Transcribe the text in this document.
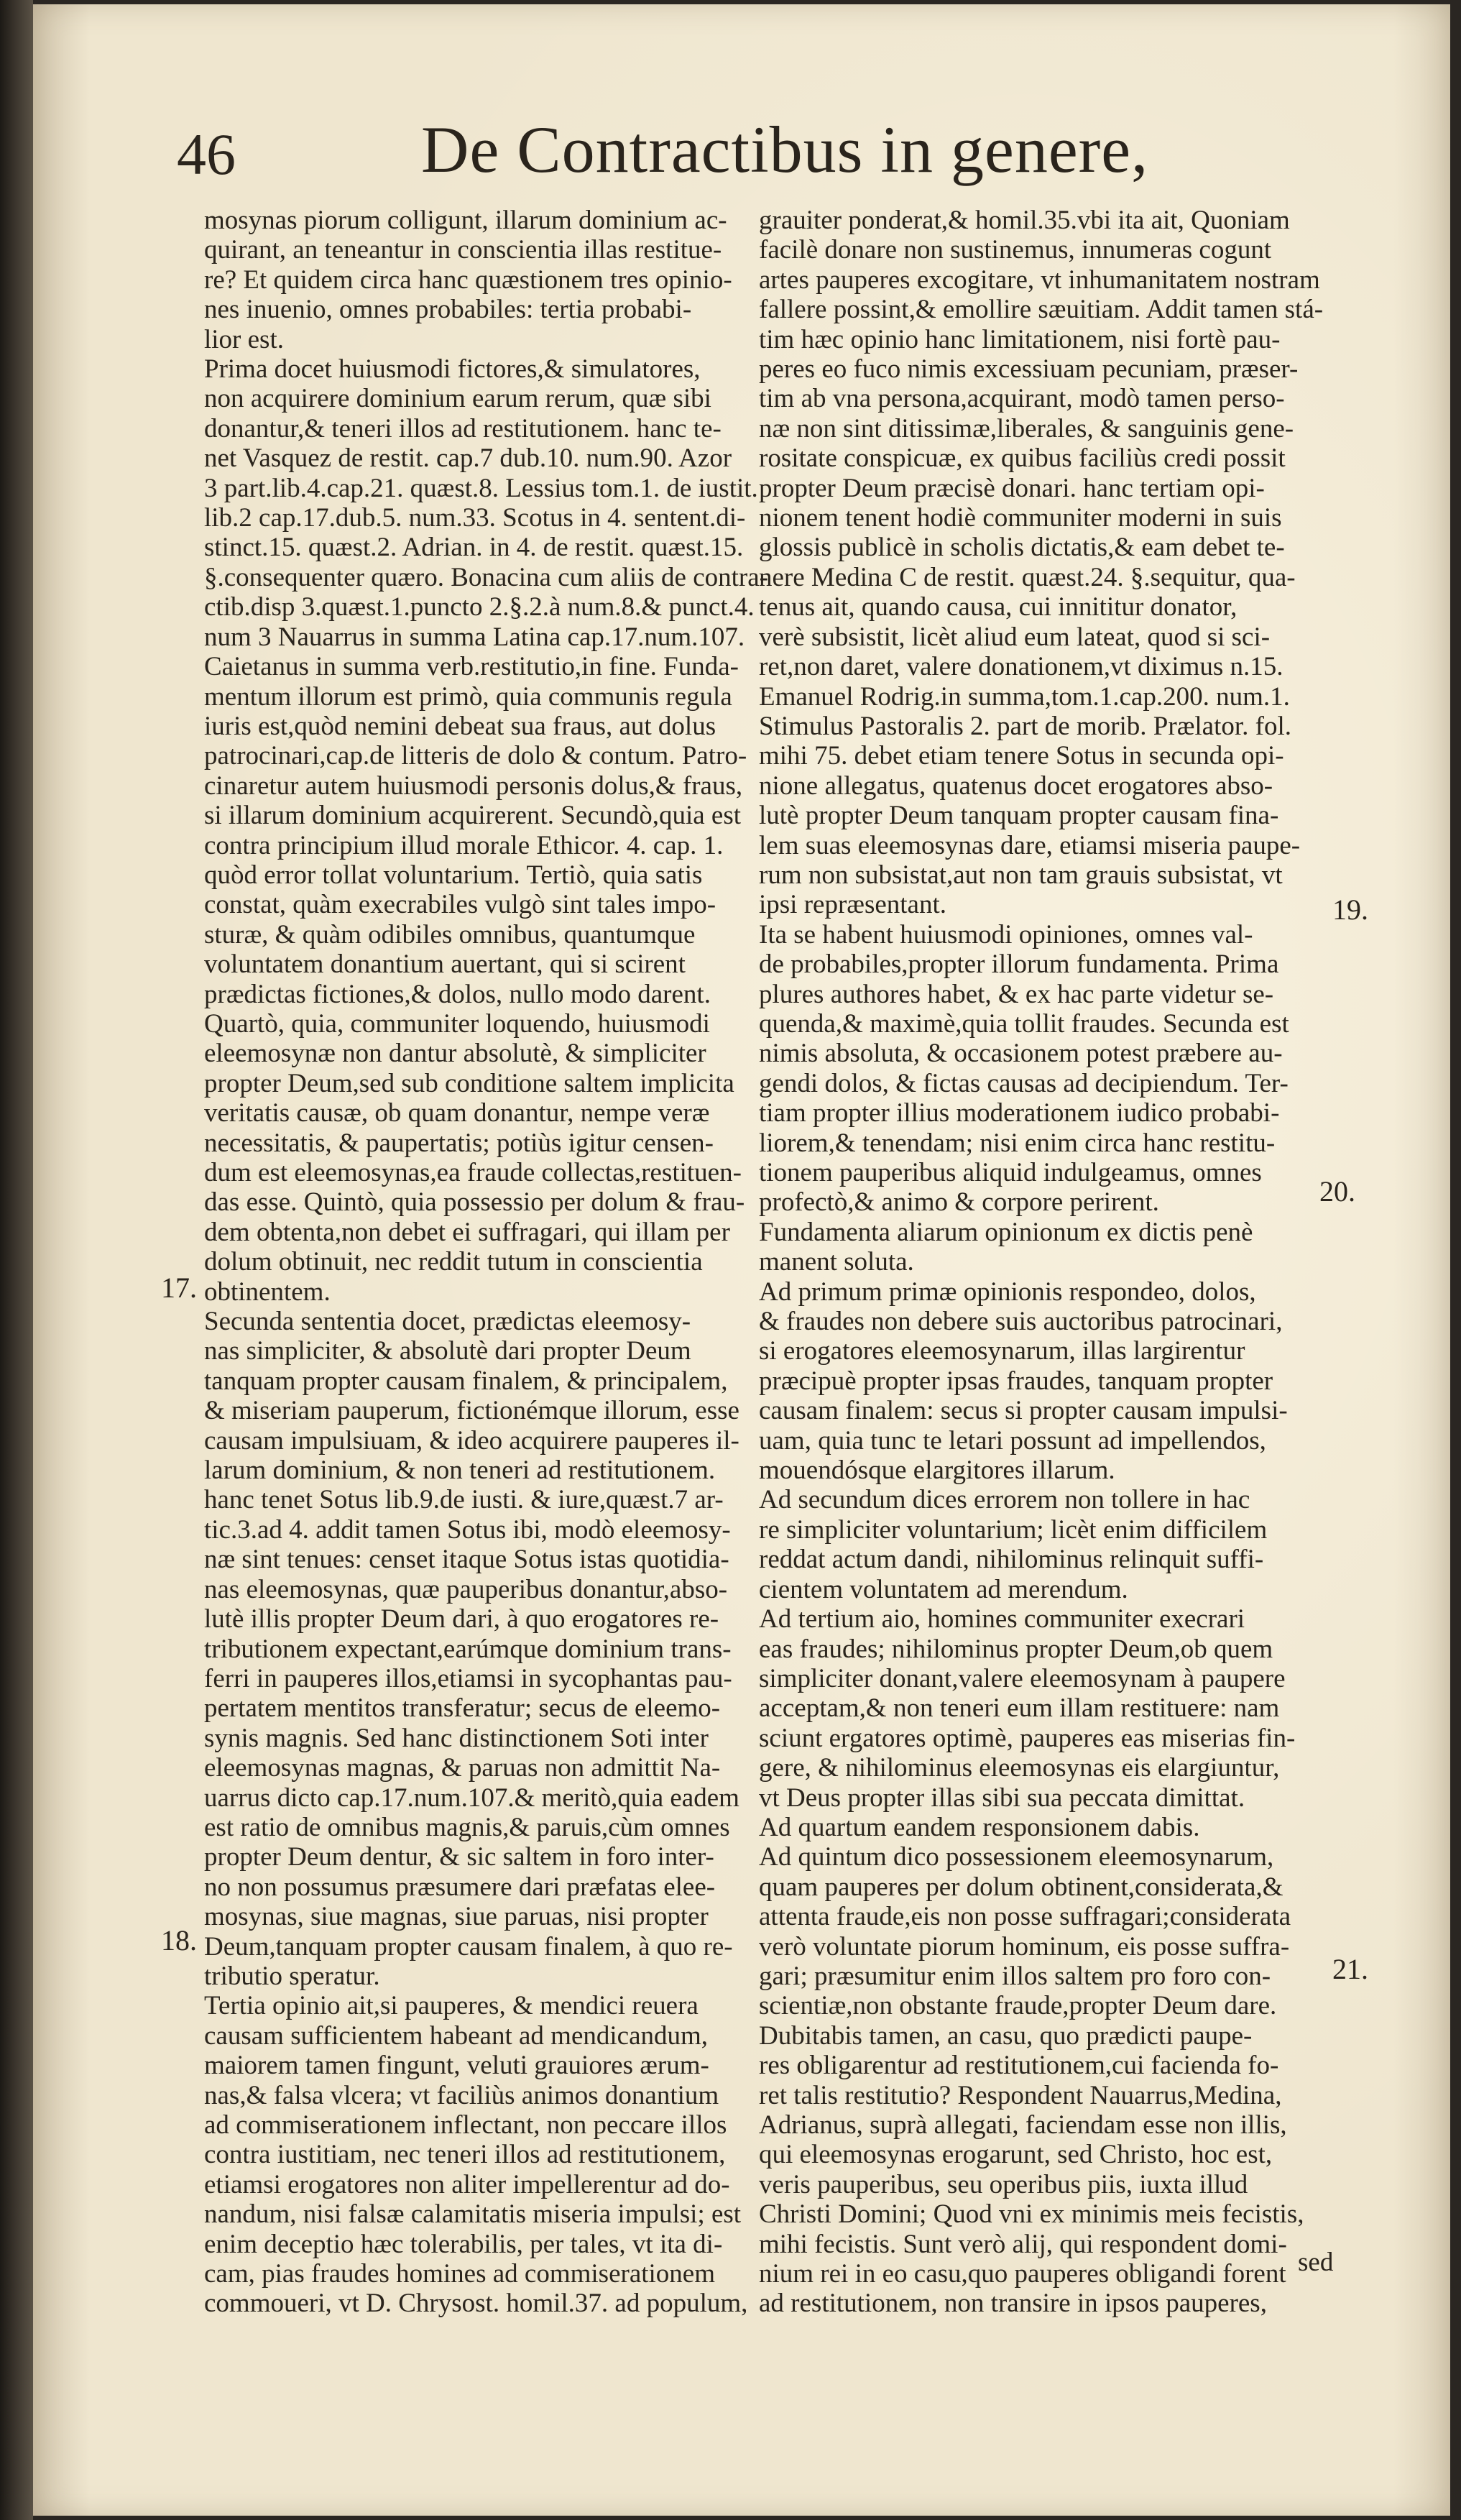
46	De Contractibus in genere,
mosynas piorum colligunt, illarum dominium ac-
quirant, an teneantur in conscientia illas restitue-
re? Et quidem circa hanc quæstionem tres opinio-
nes inuenio, omnes probabiles: tertia probabi-
lior est.
Prima docet huiusmodi fictores,& simulatores,
non acquirere dominium earum rerum, quæ sibi
donantur,& teneri illos ad restitutionem. hanc te-
net Vasquez de restit. cap.7 dub.10. num.90. Azor
3 part.lib.4.cap.21. quæst.8. Lessius tom.1. de iustit.
lib.2 cap.17.dub.5. num.33. Scotus in 4. sentent.di-
stinct.15. quæst.2. Adrian. in 4. de restit. quæst.15.
§.consequenter quæro. Bonacina cum aliis de contra-
ctib.disp 3.quæst.1.puncto 2.§.2.à num.8.& punct.4.
num 3 Nauarrus in summa Latina cap.17.num.107.
Caietanus in summa verb.restitutio,in fine. Funda-
mentum illorum est primò, quia communis regula
iuris est,quòd nemini debeat sua fraus, aut dolus
patrocinari,cap.de litteris de dolo & contum. Patro-
cinaretur autem huiusmodi personis dolus,& fraus,
si illarum dominium acquirerent. Secundò,quia est
contra principium illud morale Ethicor. 4. cap. 1.
quòd error tollat voluntarium. Tertiò, quia satis
constat, quàm execrabiles vulgò sint tales impo-
sturæ, & quàm odibiles omnibus, quantumque
voluntatem donantium auertant, qui si scirent
prædictas fictiones,& dolos, nullo modo darent.
Quartò, quia, communiter loquendo, huiusmodi
eleemosynæ non dantur absolutè, & simpliciter
propter Deum,sed sub conditione saltem implicita
veritatis causæ, ob quam donantur, nempe veræ
necessitatis, & paupertatis; potiùs igitur censen-
dum est eleemosynas,ea fraude collectas,restituen-
das esse. Quintò, quia possessio per dolum & frau-
dem obtenta,non debet ei suffragari, qui illam per
dolum obtinuit, nec reddit tutum in conscientia
obtinentem.
Secunda sententia docet, prædictas eleemosy-
nas simpliciter, & absolutè dari propter Deum
tanquam propter causam finalem, & principalem,
& miseriam pauperum, fictionémque illorum, esse
causam impulsiuam, & ideo acquirere pauperes il-
larum dominium, & non teneri ad restitutionem.
hanc tenet Sotus lib.9.de iusti. & iure,quæst.7 ar-
tic.3.ad 4. addit tamen Sotus ibi, modò eleemosy-
næ sint tenues: censet itaque Sotus istas quotidia-
nas eleemosynas, quæ pauperibus donantur,abso-
lutè illis propter Deum dari, à quo erogatores re-
tributionem expectant,earúmque dominium trans-
ferri in pauperes illos,etiamsi in sycophantas pau-
pertatem mentitos transferatur; secus de eleemo-
synis magnis. Sed hanc distinctionem Soti inter
eleemosynas magnas, & paruas non admittit Na-
uarrus dicto cap.17.num.107.& meritò,quia eadem
est ratio de omnibus magnis,& paruis,cùm omnes
propter Deum dentur, & sic saltem in foro inter-
no non possumus præsumere dari præfatas elee-
mosynas, siue magnas, siue paruas, nisi propter
Deum,tanquam propter causam finalem, à quo re-
tributio speratur.
Tertia opinio ait,si pauperes, & mendici reuera
causam sufficientem habeant ad mendicandum,
maiorem tamen fingunt, veluti grauiores ærum-
nas,& falsa vlcera; vt faciliùs animos donantium
ad commiserationem inflectant, non peccare illos
contra iustitiam, nec teneri illos ad restitutionem,
etiamsi erogatores non aliter impellerentur ad do-
nandum, nisi falsæ calamitatis miseria impulsi; est
enim deceptio hæc tolerabilis, per tales, vt ita di-
cam, pias fraudes homines ad commiserationem
commoueri, vt D. Chrysost. homil.37. ad populum,
grauiter ponderat,& homil.35.vbi ita ait, Quoniam
facilè donare non sustinemus, innumeras cogunt
artes pauperes excogitare, vt inhumanitatem nostram
fallere possint,& emollire sæuitiam. Addit tamen stá-
tim hæc opinio hanc limitationem, nisi fortè pau-
peres eo fuco nimis excessiuam pecuniam, præser-
tim ab vna persona,acquirant, modò tamen perso-
næ non sint ditissimæ,liberales, & sanguinis gene-
rositate conspicuæ, ex quibus faciliùs credi possit
propter Deum præcisè donari. hanc tertiam opi-
nionem tenent hodiè communiter moderni in suis
glossis publicè in scholis dictatis,& eam debet te-
nere Medina C de restit. quæst.24. §.sequitur, qua-
tenus ait, quando causa, cui innititur donator,
verè subsistit, licèt aliud eum lateat, quod si sci-
ret,non daret, valere donationem,vt diximus n.15.
Emanuel Rodrig.in summa,tom.1.cap.200. num.1.
Stimulus Pastoralis 2. part de morib. Prælator. fol.
mihi 75. debet etiam tenere Sotus in secunda opi-
nione allegatus, quatenus docet erogatores abso-
lutè propter Deum tanquam propter causam fina-
lem suas eleemosynas dare, etiamsi miseria paupe-
rum non subsistat,aut non tam grauis subsistat, vt
ipsi repræsentant.
Ita se habent huiusmodi opiniones, omnes val-
de probabiles,propter illorum fundamenta. Prima
plures authores habet, & ex hac parte videtur se-
quenda,& maximè,quia tollit fraudes. Secunda est
nimis absoluta, & occasionem potest præbere au-
gendi dolos, & fictas causas ad decipiendum. Ter-
tiam propter illius moderationem iudico probabi-
liorem,& tenendam; nisi enim circa hanc restitu-
tionem pauperibus aliquid indulgeamus, omnes
profectò,& animo & corpore perirent.
Fundamenta aliarum opinionum ex dictis penè
manent soluta.
Ad primum primæ opinionis respondeo, dolos,
& fraudes non debere suis auctoribus patrocinari,
si erogatores eleemosynarum, illas largirentur
præcipuè propter ipsas fraudes, tanquam propter
causam finalem: secus si propter causam impulsi-
uam, quia tunc te letari possunt ad impellendos,
mouendósque elargitores illarum.
Ad secundum dices errorem non tollere in hac
re simpliciter voluntarium; licèt enim difficilem
reddat actum dandi, nihilominus relinquit suffi-
cientem voluntatem ad merendum.
Ad tertium aio, homines communiter execrari
eas fraudes; nihilominus propter Deum,ob quem
simpliciter donant,valere eleemosynam à paupere
acceptam,& non teneri eum illam restituere: nam
sciunt ergatores optimè, pauperes eas miserias fin-
gere, & nihilominus eleemosynas eis elargiuntur,
vt Deus propter illas sibi sua peccata dimittat.
Ad quartum eandem responsionem dabis.
Ad quintum dico possessionem eleemosynarum,
quam pauperes per dolum obtinent,considerata,&
attenta fraude,eis non posse suffragari;considerata
verò voluntate piorum hominum, eis posse suffra-
gari; præsumitur enim illos saltem pro foro con-
scientiæ,non obstante fraude,propter Deum dare.
Dubitabis tamen, an casu, quo prædicti paupe-
res obligarentur ad restitutionem,cui facienda fo-
ret talis restitutio? Respondent Nauarrus,Medina,
Adrianus, suprà allegati, faciendam esse non illis,
qui eleemosynas erogarunt, sed Christo, hoc est,
veris pauperibus, seu operibus piis, iuxta illud
Christi Domini; Quod vni ex minimis meis fecistis,
mihi fecistis. Sunt verò alij, qui respondent domi-
nium rei in eo casu,quo pauperes obligandi forent
ad restitutionem, non transire in ipsos pauperes,
17.
18.
19.
20.
21.
sed
